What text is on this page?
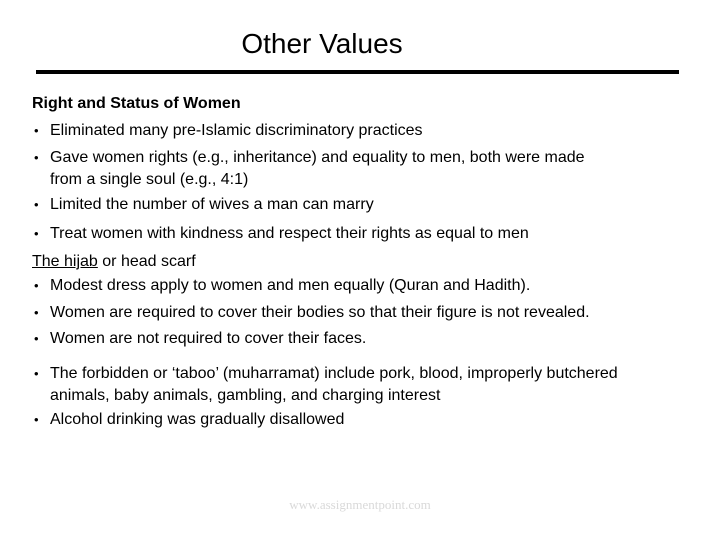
Other Values
Right and Status of Women
• Eliminated many pre-Islamic discriminatory practices
• Gave women rights (e.g., inheritance) and equality to men, both were made
from a single soul (e.g., 4:1)
• Limited the number of wives a man can marry
• Treat women with kindness and respect their rights as equal to men
The hijab or head scarf
• Modest dress apply to women and men equally (Quran and Hadith).
• Women are required to cover their bodies so that their figure is not revealed.
• Women are not required to cover their faces.
• The forbidden or ‘taboo’ (muharramat) include pork, blood, improperly butchered
animals, baby animals, gambling, and charging interest
• Alcohol drinking was gradually disallowed
www.assignmentpoint.com
